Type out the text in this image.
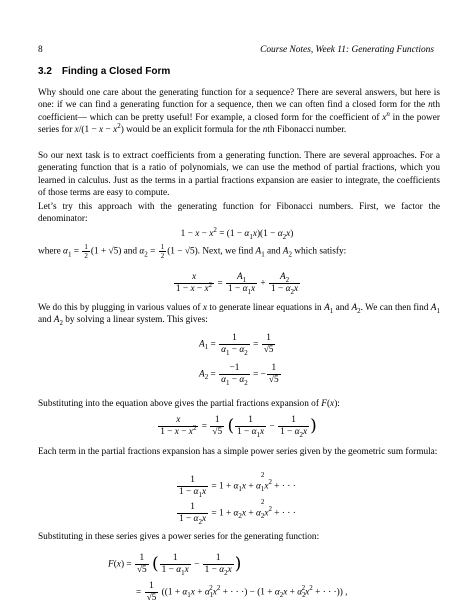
8	Course Notes, Week 11: Generating Functions
3.2 Finding a Closed Form
Why should one care about the generating function for a sequence? There are several answers, but here is one: if we can find a generating function for a sequence, then we can often find a closed form for the nth coefficient— which can be pretty useful! For example, a closed form for the coefficient of $x^n$ in the power series for $x/(1 - x - x^2)$ would be an explicit formula for the nth Fibonacci number.
So our next task is to extract coefficients from a generating function. There are several approaches. For a generating function that is a ratio of polynomials, we can use the method of partial fractions, which you learned in calculus. Just as the terms in a partial fractions expansion are easier to integrate, the coefficients of those terms are easy to compute.
Let’s try this approach with the generating function for Fibonacci numbers. First, we factor the denominator:
$1 - x - x^2 = (1 - \alpha_1x)(1 - \alpha_2x)$
where $\alpha_1 = \frac{1}{2} (1 + √5)$ and $\alpha_2 = \frac{1}{2} (1 - √5)$. Next, we find $A_1$ and $A_2$ which satisfy:
$\frac{x}{1 - x - x^2} = \frac{A_1}{1 - \alpha_1x} + \frac{A_2}{1 - \alpha_2x}$
We do this by plugging in various values of x to generate linear equations in $A_1$ and $A_2$. We can then find $A_1$ and $A_2$ by solving a linear system. This gives:
$A_1 = \frac{1}{\alpha_1 - \alpha_2} = \frac{1}{√5}$
$A_2 = \frac{-1}{\alpha_1 - \alpha_2}$ = − $\frac{1}{√5}$
Substituting into the equation above gives the partial fractions expansion of F(x):
$\frac{x}{1 - x - x^2} = \frac{1}{√5}$ ( $\frac{1}{1 - \alpha_1x} - \frac{1}{1 - \alpha_2x}$ )
Each term in the partial fractions expansion has a simple power series given by the geometric sum formula:
$\frac{1}{1 - \alpha_1x} = 1 + \alpha_1x + \alpha$
$_{2 1}x^2$ + · · ·
$\frac{1}{1 - \alpha_2x} = 1 + \alpha_2x + \alpha$
$_{2 2}x^2$ + · · ·
Substituting in these series gives a power series for the generating function:
$F(x) = \frac{1}{√5}$ ( $\frac{1}{1 - \alpha_1x} - \frac{1}{1 - \alpha_2x}$ )
= $\frac{1}{√5} ((1 + \alpha_1x + \alpha_1^2x^2$ + · · ·) − ($1 + \alpha_2x + \alpha_2^2x^2$ + · · ·)) ,
